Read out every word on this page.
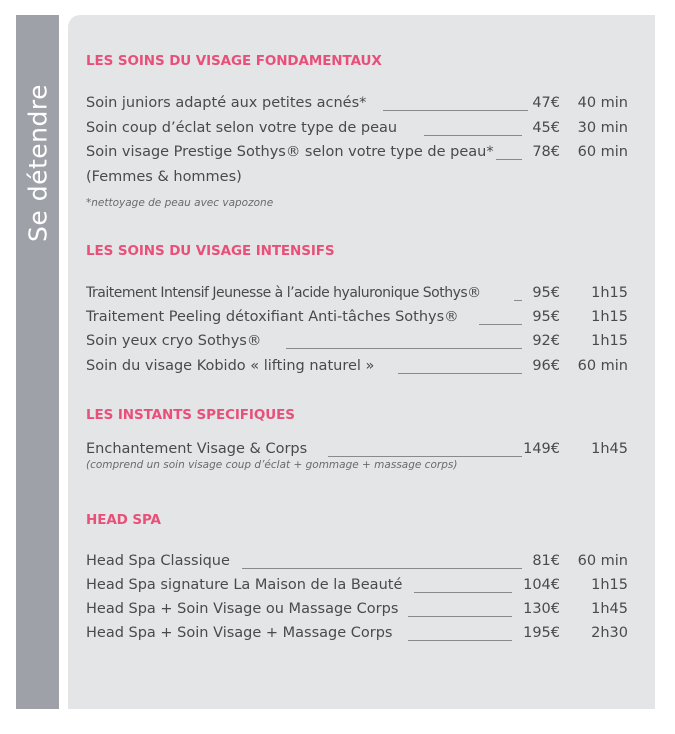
Se détendre
LES SOINS DU VISAGE FONDAMENTAUX
Soin juniors adapté aux petites acnés*	47€ 40 min
Soin coup d’éclat selon votre type de peau	45€ 30 min
Soin visage Prestige Sothys® selon votre type de peau*	78€ 60 min
(Femmes & hommes)
*nettoyage de peau avec vapozone
LES SOINS DU VISAGE INTENSIFS
Traitement Intensif Jeunesse à l’acide hyaluronique Sothys®	95€ 1h15
Traitement Peeling détoxifiant Anti-tâches Sothys®	95€ 1h15
Soin yeux cryo Sothys®	92€ 1h15
Soin du visage Kobido « lifting naturel »	96€ 60 min
LES INSTANTS SPECIFIQUES
Enchantement Visage & Corps	149€ 1h45
(comprend un soin visage coup d’éclat + gommage + massage corps)
HEAD SPA
Head Spa Classique	81€ 60 min
Head Spa signature La Maison de la Beauté	104€ 1h15
Head Spa + Soin Visage ou Massage Corps	130€ 1h45
Head Spa + Soin Visage + Massage Corps	195€ 2h30
